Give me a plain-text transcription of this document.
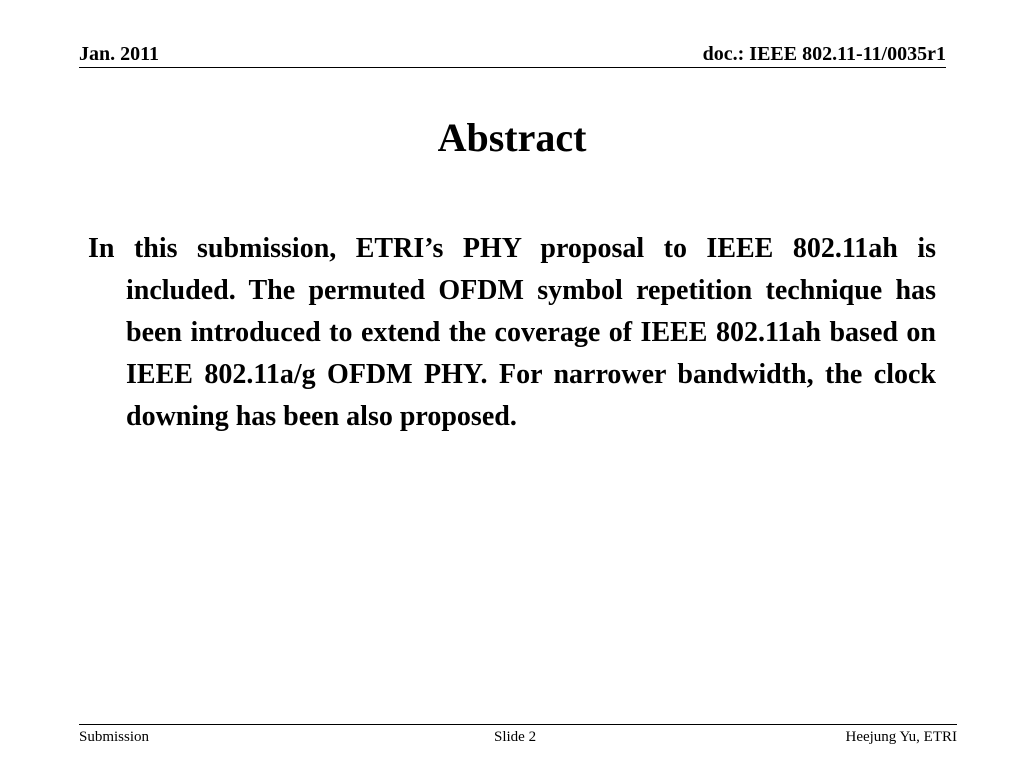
Jan. 2011	doc.: IEEE 802.11-11/0035r1
Abstract
In this submission, ETRI’s PHY proposal to IEEE 802.11ah is included. The permuted OFDM symbol repetition technique has been introduced to extend the coverage of IEEE 802.11ah based on IEEE 802.11a/g OFDM PHY. For narrower bandwidth, the clock downing has been also proposed.
Submission	Slide 2	Heejung Yu, ETRI
